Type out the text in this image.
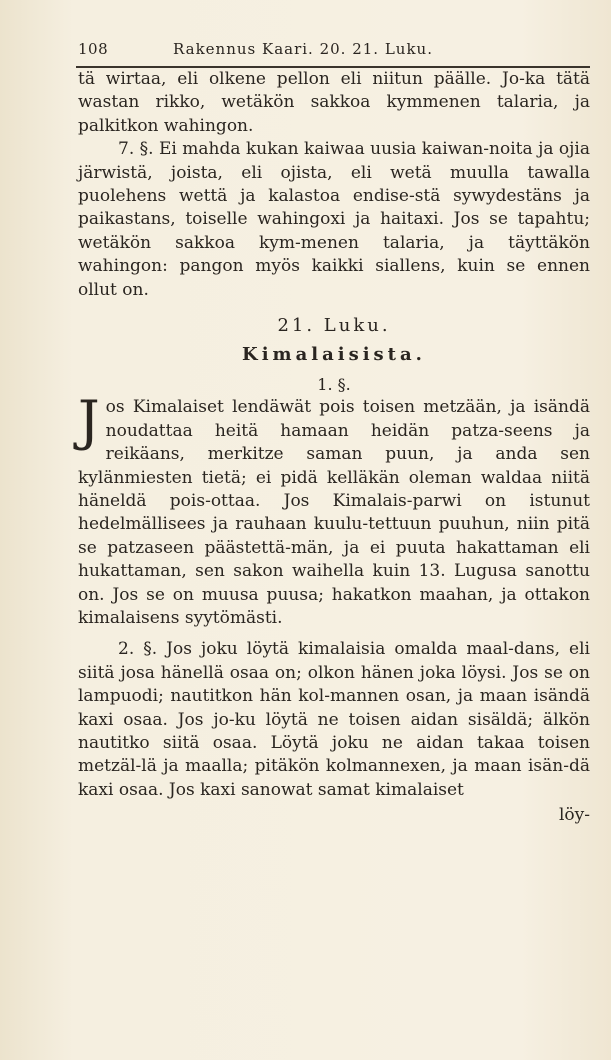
108	Rakennus Kaari. 20. 21. Luku.

tä wirtaa, eli olkene pellon eli niitun päälle. Jo-ka tätä wastan rikko, wetäkön sakkoa kymmenen talaria, ja palkitkon wahingon.

7. §. Ei mahda kukan kaiwaa uusia kaiwan-noita ja ojia järwistä, joista, eli ojista, eli wetä muulla tawalla puolehens wettä ja kalastoa endise-stä sywydestäns ja paikastans, toiselle wahingoxi ja haitaxi. Jos se tapahtu; wetäkön sakkoa kym-menen talaria, ja täyttäkön wahingon: pangon myös kaikki siallens, kuin se ennen ollut on.

21. Luku.
Kimalaisista.
1. §.

Jos Kimalaiset lendäwät pois toisen metzään, ja isändä noudattaa heitä hamaan heidän patza-seens ja reikäans, merkitze saman puun, ja anda sen kylänmiesten tietä; ei pidä kelläkän oleman waldaa niitä häneldä pois-ottaa. Jos Kimalais-parwi on istunut hedelmällisees ja rauhaan kuulu-tettuun puuhun, niin pitä se patzaseen päästettä-män, ja ei puuta hakattaman eli hukattaman, sen sakon waihella kuin 13. Lugusa sanottu on. Jos se on muusa puusa; hakatkon maahan, ja ottakon kimalaisens syytömästi.

2. §. Jos joku löytä kimalaisia omalda maal-dans, eli siitä josa hänellä osaa on; olkon hänen joka löysi. Jos se on lampuodi; nautitkon hän kol-mannen osan, ja maan isändä kaxi osaa. Jos jo-ku löytä ne toisen aidan sisäldä; älkön nautitko siitä osaa. Löytä joku ne aidan takaa toisen metzäl-lä ja maalla; pitäkön kolmannexen, ja maan isän-dä kaxi osaa. Jos kaxi sanowat samat kimalaiset

löy-
